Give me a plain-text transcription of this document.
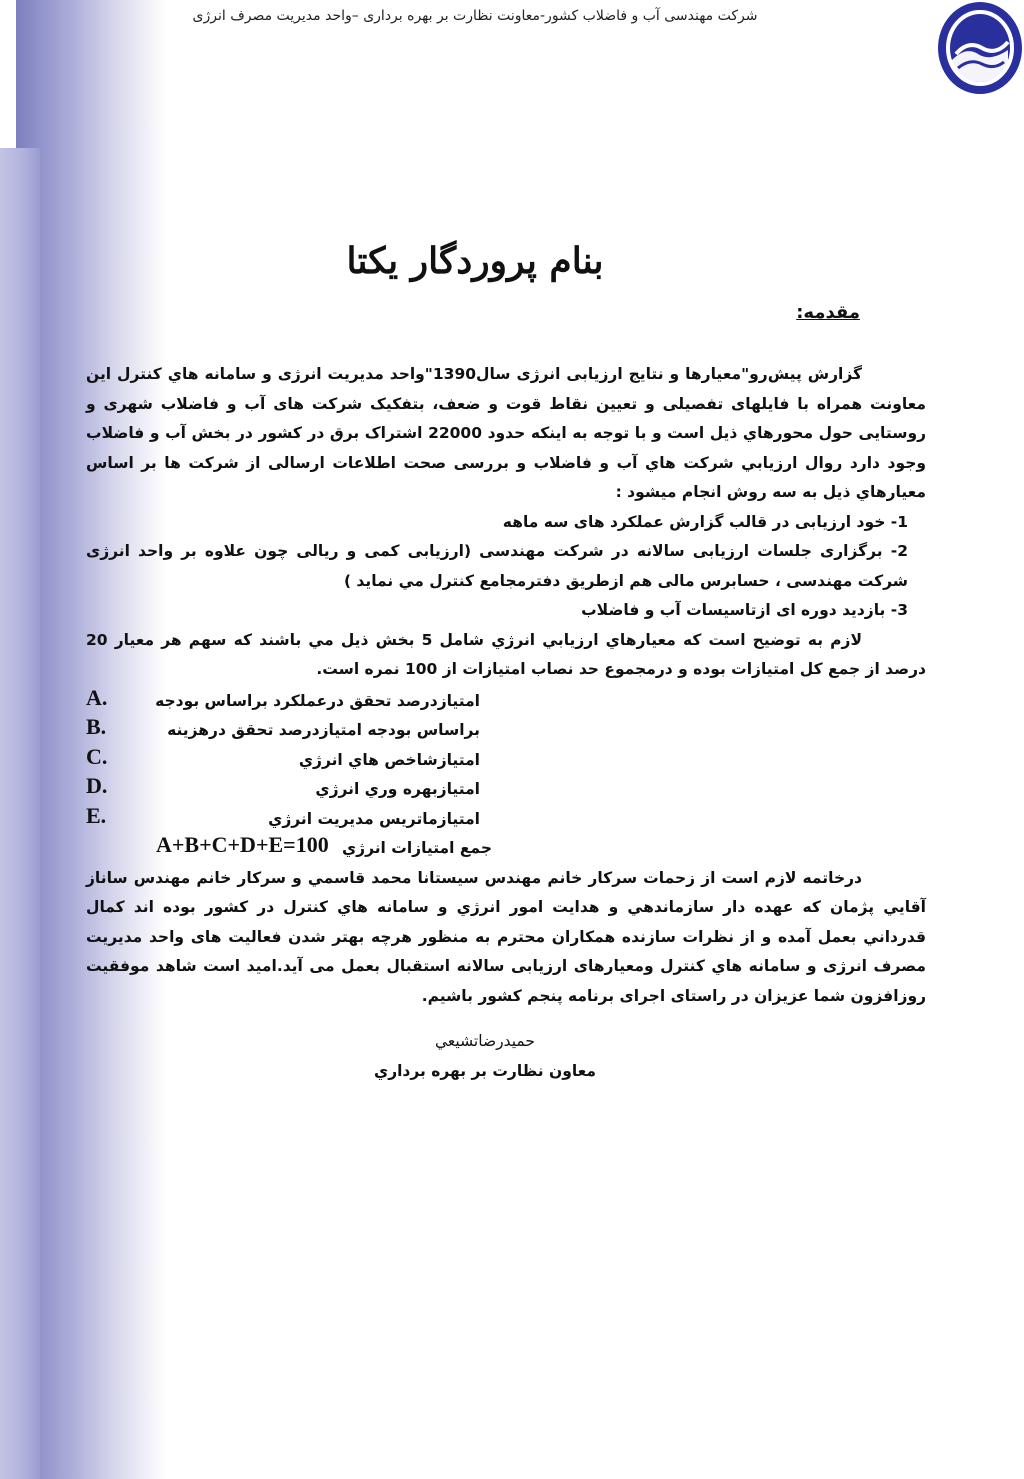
شرکت مهندسی آب و فاضلاب کشور-معاونت نظارت بر بهره برداری –واحد مدیریت مصرف انرژی
بنام پروردگار یکتا
مقدمه:

گزارش پیش‌رو"معیارها و نتایج ارزیابی انرژی سال1390"واحد مدیریت انرژی و سامانه هاي کنترل این معاونت همراه با فایلهای تفصیلی و تعیین نقاط قوت و ضعف، بتفکیک شرکت های آب و فاضلاب شهری و روستایی حول محورهاي ذیل است و با توجه به اینکه حدود 22000 اشتراک برق در کشور در بخش آب و فاضلاب وجود دارد روال ارزیابي شرکت هاي آب و فاضلاب و بررسی صحت اطلاعات ارسالی از شرکت ها بر اساس معیارهاي ذیل به سه روش انجام میشود :

1- خود ارزیابی در قالب گزارش عملکرد های سه ماهه

2- برگزاری جلسات ارزیابی سالانه در شرکت مهندسی (ارزیابی کمی و ریالی چون علاوه بر واحد انرژی شرکت مهندسی ، حسابرس مالی هم ازطریق دفترمجامع کنترل مي نماید )

3- بازدید دوره ای ازتاسیسات آب و فاضلاب

لازم به توضیح است که معیارهاي ارزیابي انرژي شامل 5 بخش ذیل مي باشند که سهم هر معیار 20 درصد از جمع کل امتیازات بوده و درمجموع حد نصاب امتیازات از 100 نمره است.

A.	امتیازدرصد تحقق درعملکرد براساس بودجه
B.	براساس بودجه امتیازدرصد تحقق درهزینه
C.	امتیازشاخص هاي انرژي
D.	امتیازبهره وري انرژي
E.	امتیازماتریس مدیریت انرژي
A+B+C+D+E=100 جمع امتیازات انرژي

درخاتمه لازم است از زحمات سرکار خانم مهندس سیستانا محمد قاسمي و سرکار خانم مهندس ساناز آقایي پژمان که عهده دار سازماندهي و هدایت امور انرژي و سامانه هاي کنترل در کشور بوده اند کمال قدرداني بعمل آمده و از نظرات سازنده همکاران محترم به منظور هرچه بهتر شدن فعالیت های واحد مدیریت مصرف انرژی و سامانه هاي کنترل ومعیارهای ارزیابی سالانه استقبال بعمل می آید.امید است شاهد موفقیت روزافزون شما عزیزان در راستای اجرای برنامه پنجم کشور باشیم.

حمیدرضاتشیعي
معاون نظارت بر بهره برداري
